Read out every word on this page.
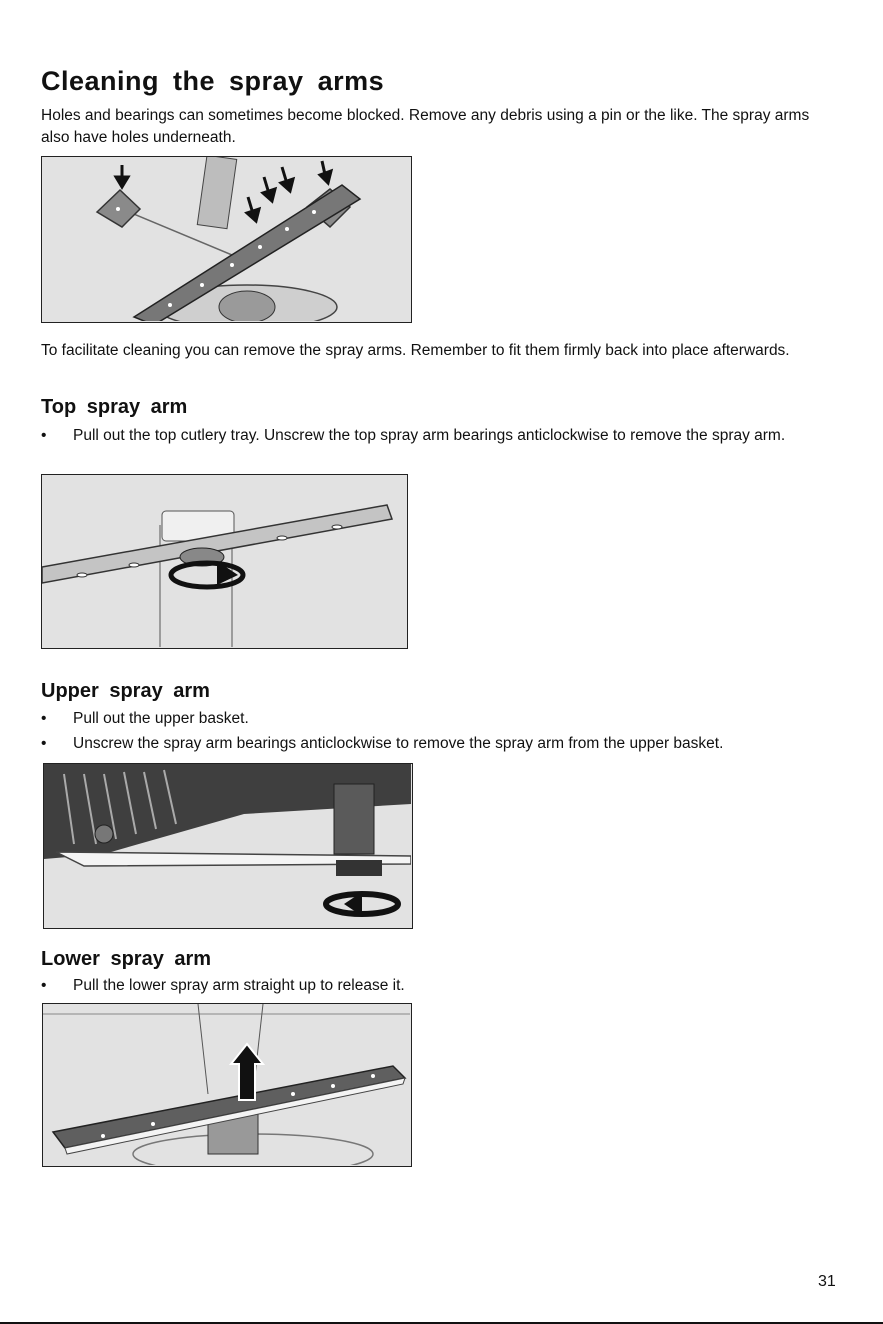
Cleaning the spray arms

Holes and bearings can sometimes become blocked. Remove any debris using a pin or the like. The spray arms also have holes underneath.

To facilitate cleaning you can remove the spray arms. Remember to fit them firmly back into place afterwards.

Top spray arm
• Pull out the top cutlery tray. Unscrew the top spray arm bearings anticlockwise to remove the spray arm.
Upper spray arm
• Pull out the upper basket.
• Unscrew the spray arm bearings anticlockwise to remove the spray arm from the upper basket.
Lower spray arm
• Pull the lower spray arm straight up to release it.
31
